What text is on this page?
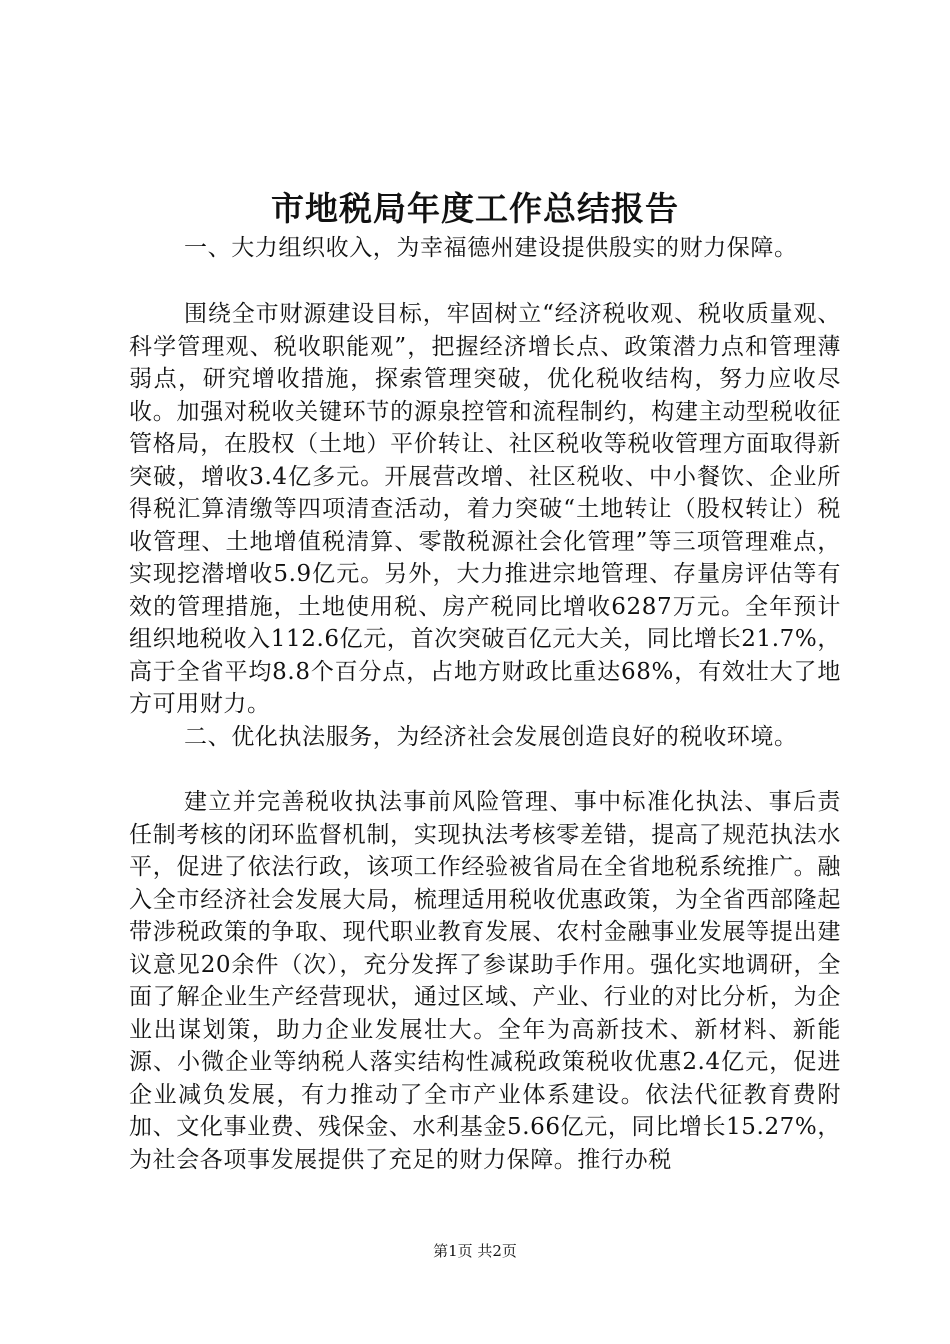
市地税局年度工作总结报告

一、大力组织收入，为幸福德州建设提供殷实的财力保障。

围绕全市财源建设目标，牢固树立“经济税收观、税收质量观、科学管理观、税收职能观”，把握经济增长点、政策潜力点和管理薄弱点，研究增收措施，探索管理突破，优化税收结构，努力应收尽收。加强对税收关键环节的源泉控管和流程制约，构建主动型税收征管格局，在股权（土地）平价转让、社区税收等税收管理方面取得新突破，增收3.4亿多元。开展营改增、社区税收、中小餐饮、企业所得税汇算清缴等四项清查活动，着力突破“土地转让（股权转让）税收管理、土地增值税清算、零散税源社会化管理”等三项管理难点，实现挖潜增收5.9亿元。另外，大力推进宗地管理、存量房评估等有效的管理措施，土地使用税、房产税同比增收6287万元。全年预计组织地税收入112.6亿元，首次突破百亿元大关，同比增长21.7%，高于全省平均8.8个百分点，占地方财政比重达68%，有效壮大了地方可用财力。

二、优化执法服务，为经济社会发展创造良好的税收环境。

建立并完善税收执法事前风险管理、事中标准化执法、事后责任制考核的闭环监督机制，实现执法考核零差错，提高了规范执法水平，促进了依法行政，该项工作经验被省局在全省地税系统推广。融入全市经济社会发展大局，梳理适用税收优惠政策，为全省西部隆起带涉税政策的争取、现代职业教育发展、农村金融事业发展等提出建议意见20余件（次），充分发挥了参谋助手作用。强化实地调研，全面了解企业生产经营现状，通过区域、产业、行业的对比分析，为企业出谋划策，助力企业发展壮大。全年为高新技术、新材料、新能源、小微企业等纳税人落实结构性减税政策税收优惠2.4亿元，促进企业减负发展，有力推动了全市产业体系建设。依法代征教育费附加、文化事业费、残保金、水利基金5.66亿元，同比增长15.27%，为社会各项事发展提供了充足的财力保障。推行办税

第1页 共2页
